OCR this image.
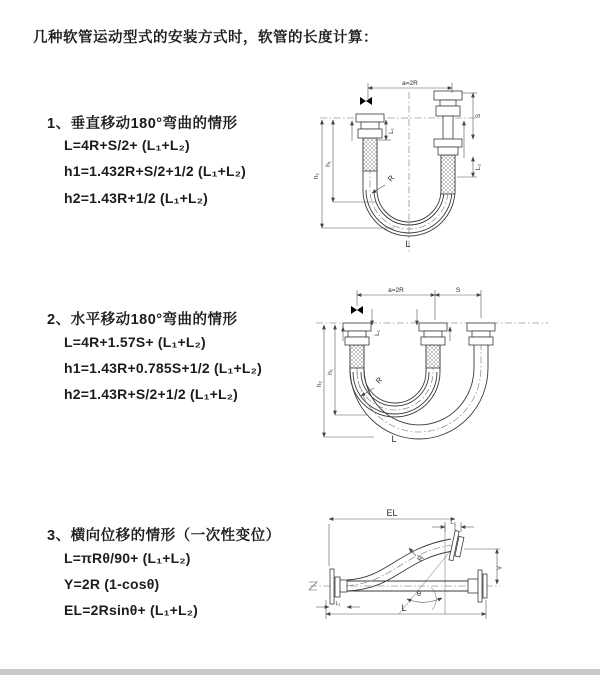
几种软管运动型式的安装方式时，软管的长度计算：
1、垂直移动180°弯曲的情形
L=4R+S/2+ (L₁+L₂)
h1=1.432R+S/2+1/2 (L₁+L₂)
h2=1.43R+1/2 (L₁+L₂)
2、水平移动180°弯曲的情形
L=4R+1.57S+ (L₁+L₂)
h1=1.43R+0.785S+1/2 (L₁+L₂)
h2=1.43R+S/2+1/2 (L₁+L₂)
3、横向位移的情形（一次性变位）
L=πRθ/90+ (L₁+L₂)
Y=2R (1-cosθ)
EL=2Rsinθ+ (L₁+L₂)
a=2R
h₁
h₂
L₁
S
L₂
R
L
a=2R	S
h₁
h₂
L₁
R
L
EL
L₂
Y
R
θ
L
L₁
